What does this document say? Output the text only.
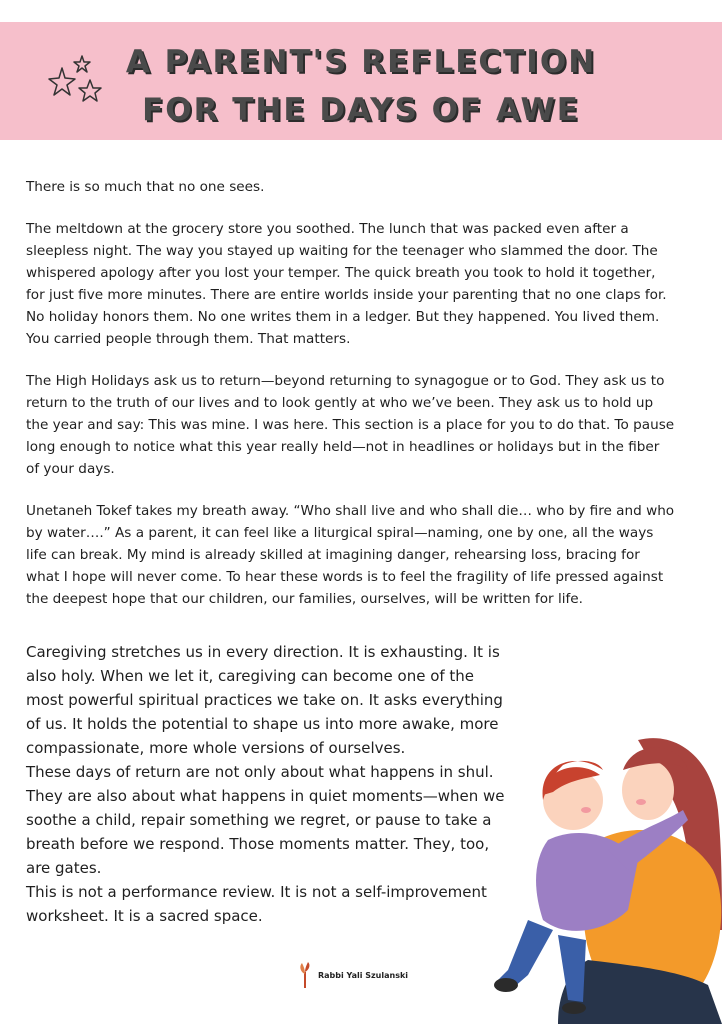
A PARENT'S REFLECTION
FOR THE DAYS OF AWE

There is so much that no one sees.

The meltdown at the grocery store you soothed. The lunch that was packed even after a sleepless night. The way you stayed up waiting for the teenager who slammed the door. The whispered apology after you lost your temper. The quick breath you took to hold it together, for just five more minutes. There are entire worlds inside your parenting that no one claps for. No holiday honors them. No one writes them in a ledger. But they happened. You lived them. You carried people through them. That matters.

The High Holidays ask us to return—beyond returning to synagogue or to God. They ask us to return to the truth of our lives and to look gently at who we’ve been. They ask us to hold up the year and say: This was mine. I was here. This section is a place for you to do that. To pause long enough to notice what this year really held—not in headlines or holidays but in the fiber of your days.

Unetaneh Tokef takes my breath away. “Who shall live and who shall die… who by fire and who by water….” As a parent, it can feel like a liturgical spiral—naming, one by one, all the ways life can break. My mind is already skilled at imagining danger, rehearsing loss, bracing for what I hope will never come. To hear these words is to feel the fragility of life pressed against the deepest hope that our children, our families, ourselves, will be written for life.

Caregiving stretches us in every direction. It is exhausting. It is also holy. When we let it, caregiving can become one of the most powerful spiritual practices we take on. It asks everything of us. It holds the potential to shape us into more awake, more compassionate, more whole versions of ourselves.

These days of return are not only about what happens in shul. They are also about what happens in quiet moments—when we soothe a child, repair something we regret, or pause to take a breath before we respond. Those moments matter. They, too, are gates.

This is not a performance review. It is not a self-improvement worksheet. It is a sacred space.

Rabbi Yali Szulanski
